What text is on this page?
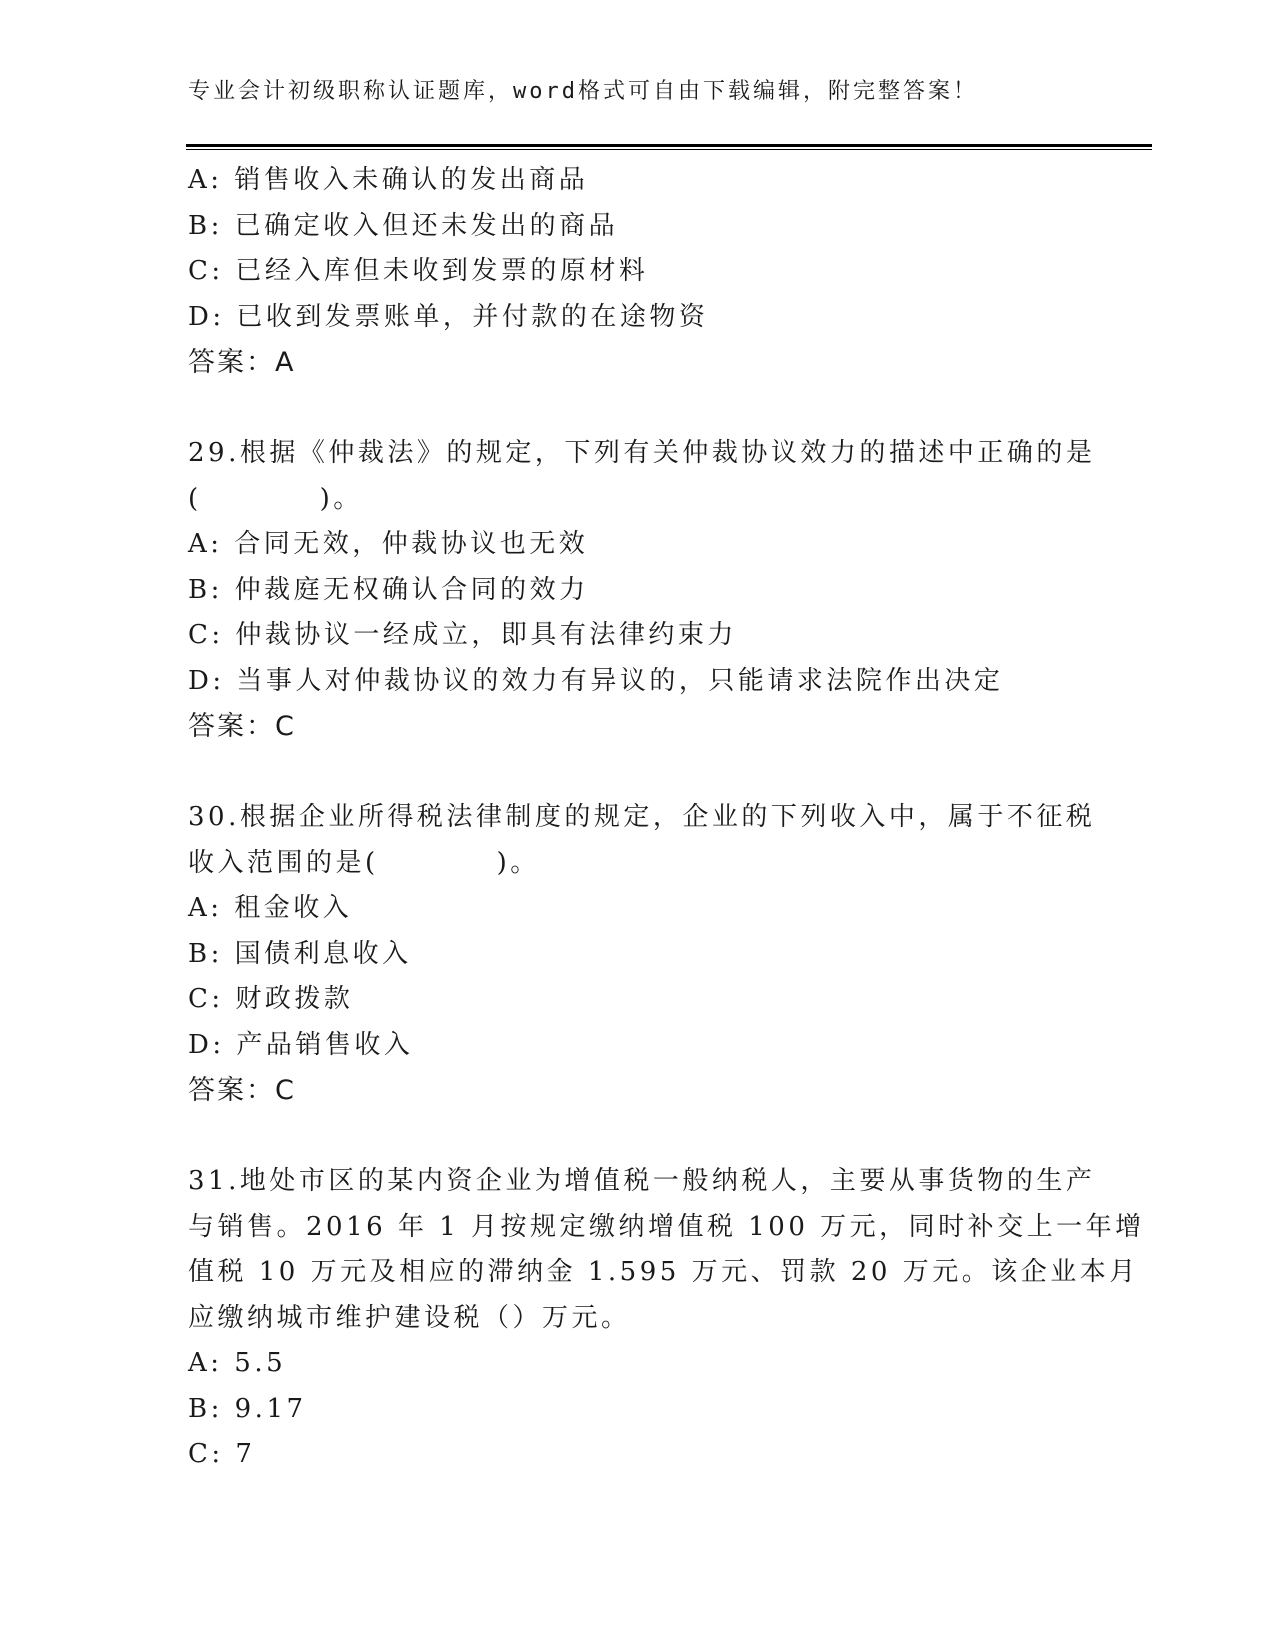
专业会计初级职称认证题库，word格式可自由下载编辑，附完整答案！
A: 销售收入未确认的发出商品
B: 已确定收入但还未发出的商品
C: 已经入库但未收到发票的原材料
D: 已收到发票账单，并付款的在途物资
答案：A
29.根据《仲裁法》的规定，下列有关仲裁协议效力的描述中正确的是
(　　　　)。
A: 合同无效，仲裁协议也无效
B: 仲裁庭无权确认合同的效力
C: 仲裁协议一经成立，即具有法律约束力
D: 当事人对仲裁协议的效力有异议的，只能请求法院作出决定
答案：C
30.根据企业所得税法律制度的规定，企业的下列收入中，属于不征税
收入范围的是(　　　　)。
A: 租金收入
B: 国债利息收入
C: 财政拨款
D: 产品销售收入
答案：C
31.地处市区的某内资企业为增值税一般纳税人，主要从事货物的生产
与销售。2016 年 1 月按规定缴纳增值税 100 万元，同时补交上一年增
值税 10 万元及相应的滞纳金 1.595 万元、罚款 20 万元。该企业本月
应缴纳城市维护建设税（）万元。
A: 5.5
B: 9.17
C: 7
